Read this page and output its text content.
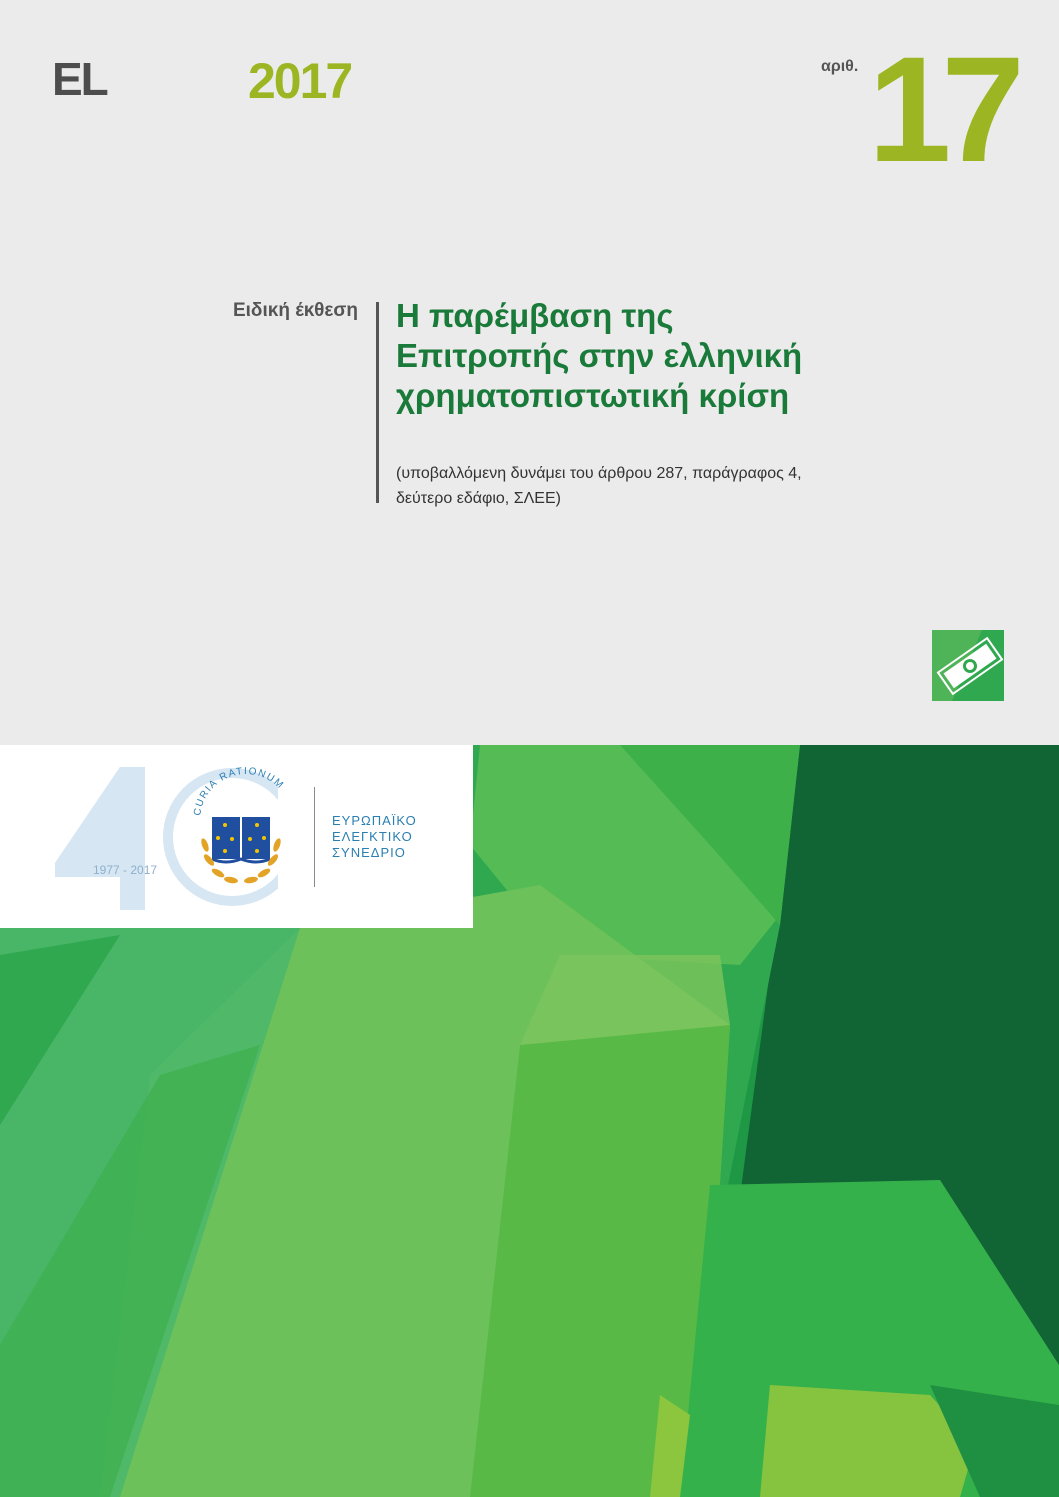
EL	2017	αριθ. 17
Ειδική έκθεση Η παρέμβαση της
Επιτροπής στην ελληνική
χρηματοπιστωτική κρίση
(υποβαλλόμενη δυνάμει του άρθρου 287, παράγραφος 4,
δεύτερο εδάφιο, ΣΛΕΕ)
CURIA RATIONUM
1977 - 2017
ΕΥΡΩΠΑΪΚΟ
ΕΛΕΓΚΤΙΚΟ
ΣΥΝΕΔΡΙΟ
